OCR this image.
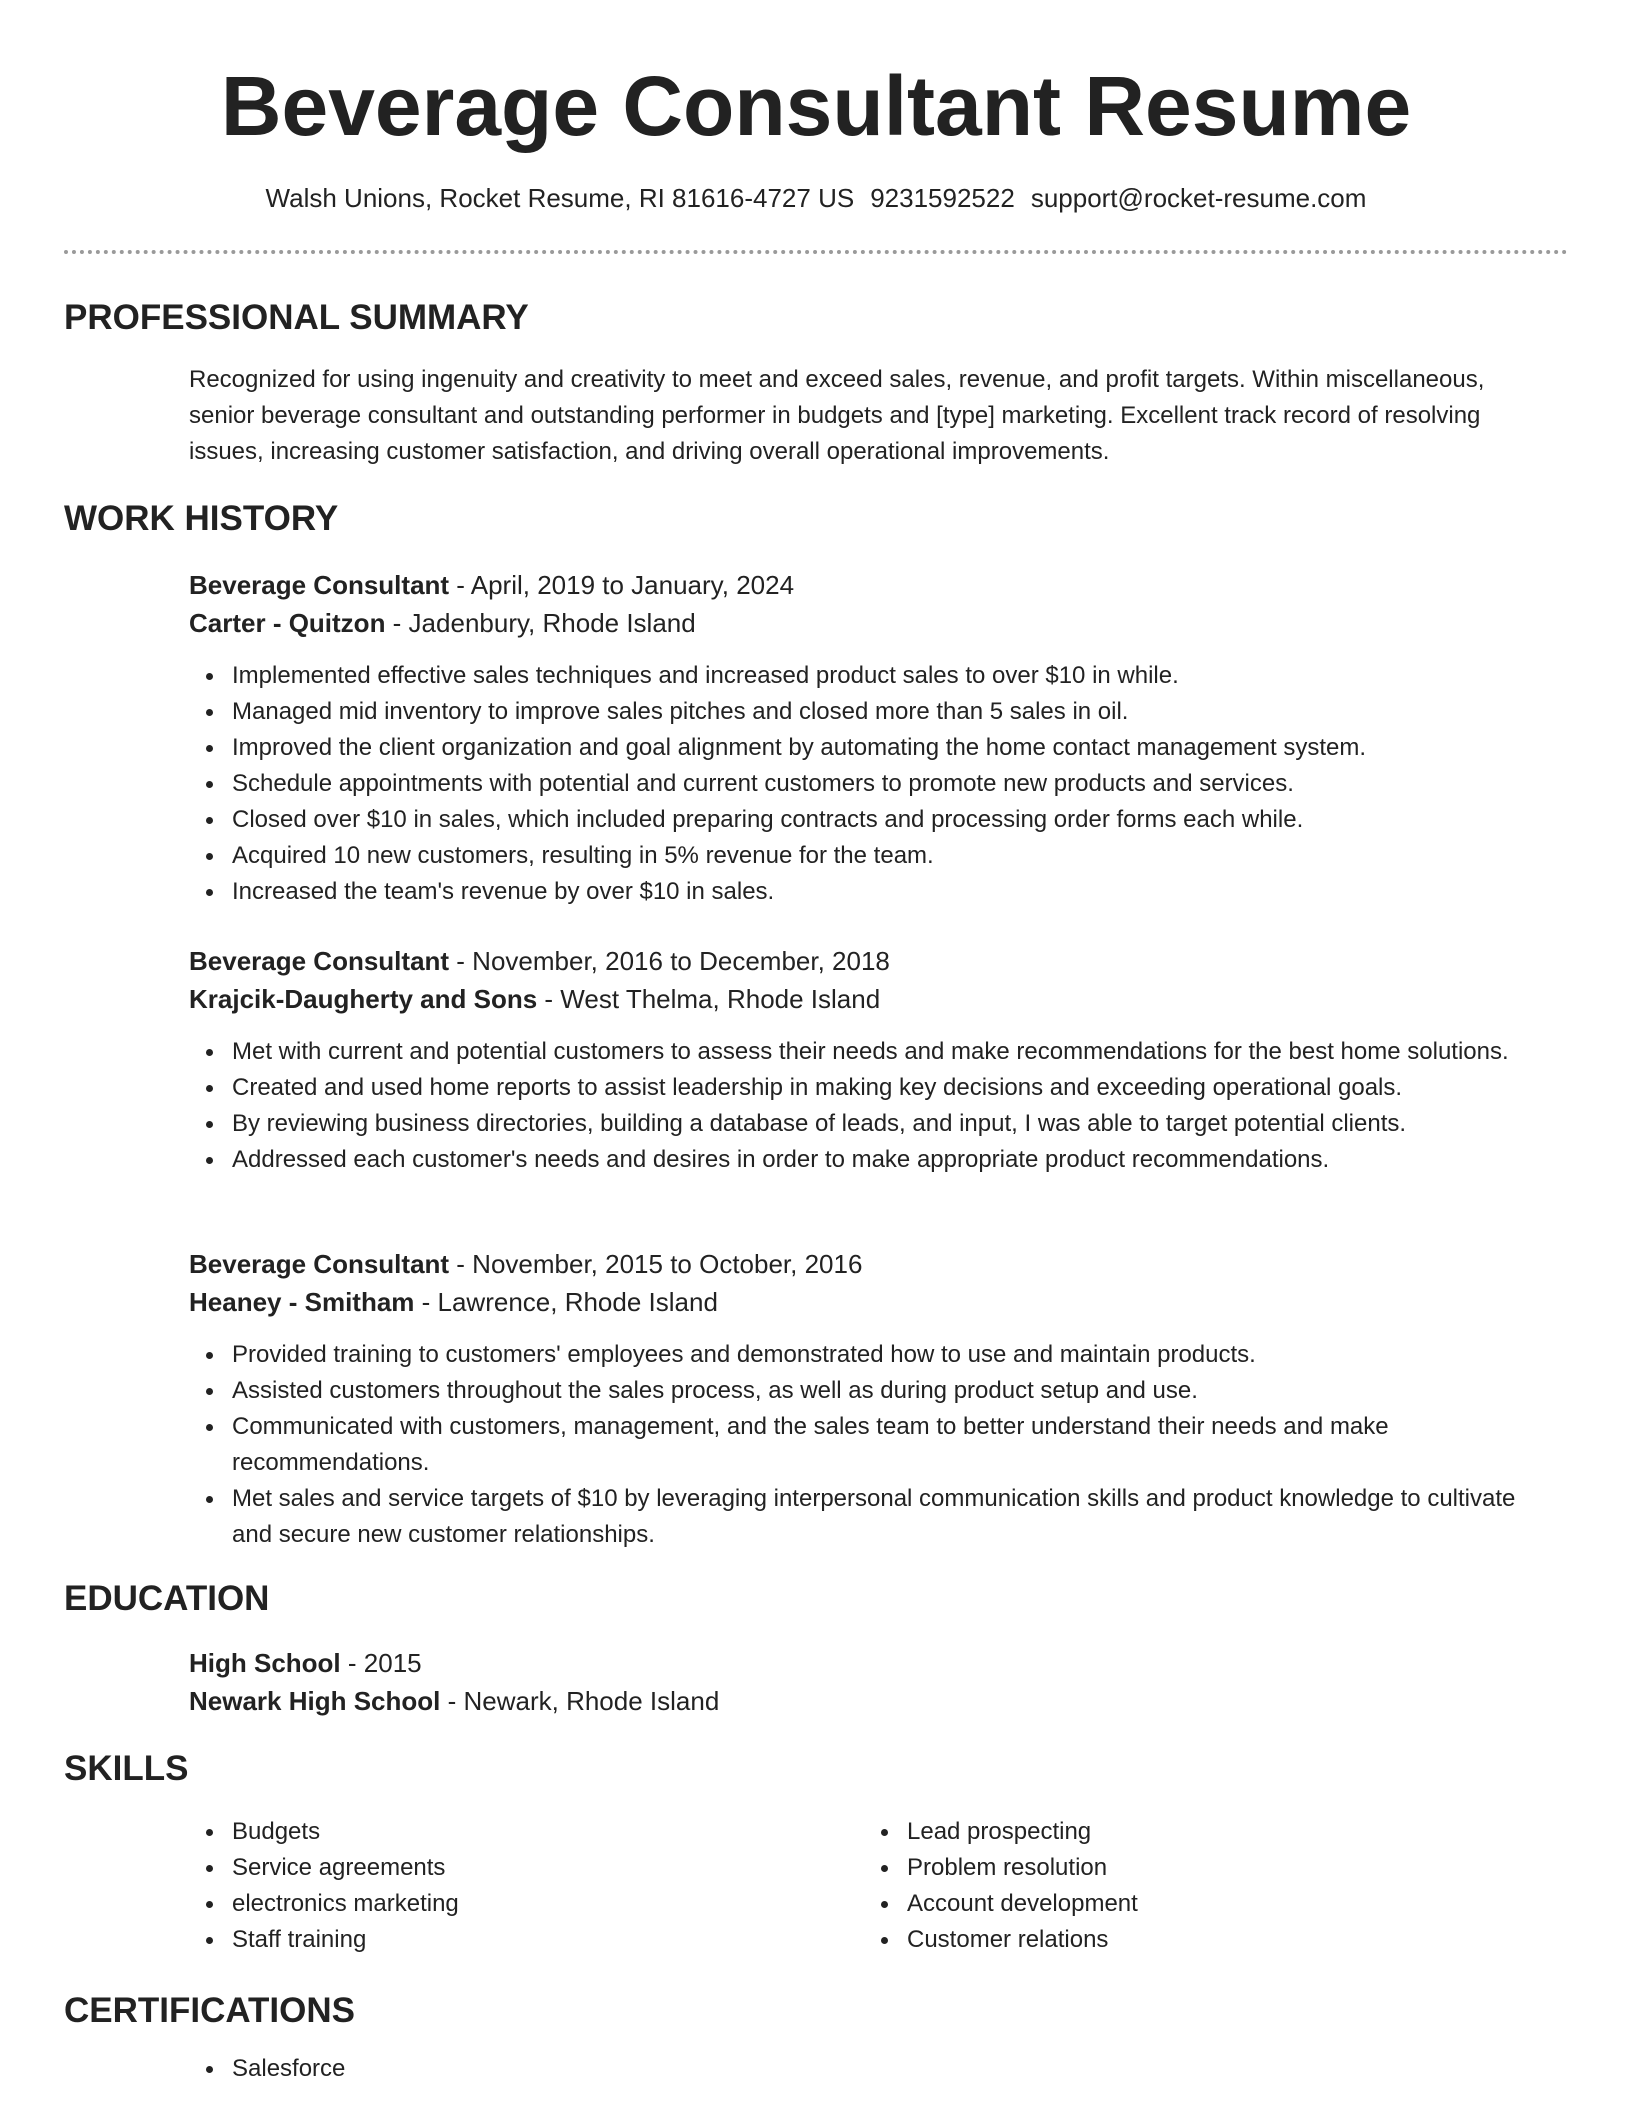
Beverage Consultant Resume
Walsh Unions, Rocket Resume, RI 81616-4727 US 9231592522 support@rocket-resume.com
PROFESSIONAL SUMMARY
Recognized for using ingenuity and creativity to meet and exceed sales, revenue, and profit targets. Within miscellaneous, senior beverage consultant and outstanding performer in budgets and [type] marketing. Excellent track record of resolving issues, increasing customer satisfaction, and driving overall operational improvements.
WORK HISTORY
Beverage Consultant - April, 2019 to January, 2024
Carter - Quitzon - Jadenbury, Rhode Island
Implemented effective sales techniques and increased product sales to over $10 in while.
Managed mid inventory to improve sales pitches and closed more than 5 sales in oil.
Improved the client organization and goal alignment by automating the home contact management system.
Schedule appointments with potential and current customers to promote new products and services.
Closed over $10 in sales, which included preparing contracts and processing order forms each while.
Acquired 10 new customers, resulting in 5% revenue for the team.
Increased the team's revenue by over $10 in sales.
Beverage Consultant - November, 2016 to December, 2018
Krajcik-Daugherty and Sons - West Thelma, Rhode Island
Met with current and potential customers to assess their needs and make recommendations for the best home solutions.
Created and used home reports to assist leadership in making key decisions and exceeding operational goals.
By reviewing business directories, building a database of leads, and input, I was able to target potential clients.
Addressed each customer's needs and desires in order to make appropriate product recommendations.
Beverage Consultant - November, 2015 to October, 2016
Heaney - Smitham - Lawrence, Rhode Island
Provided training to customers' employees and demonstrated how to use and maintain products.
Assisted customers throughout the sales process, as well as during product setup and use.
Communicated with customers, management, and the sales team to better understand their needs and make recommendations.
Met sales and service targets of $10 by leveraging interpersonal communication skills and product knowledge to cultivate and secure new customer relationships.
EDUCATION
High School - 2015
Newark High School - Newark, Rhode Island
SKILLS
Budgets
Service agreements
electronics marketing
Staff training
Lead prospecting
Problem resolution
Account development
Customer relations
CERTIFICATIONS
Salesforce
